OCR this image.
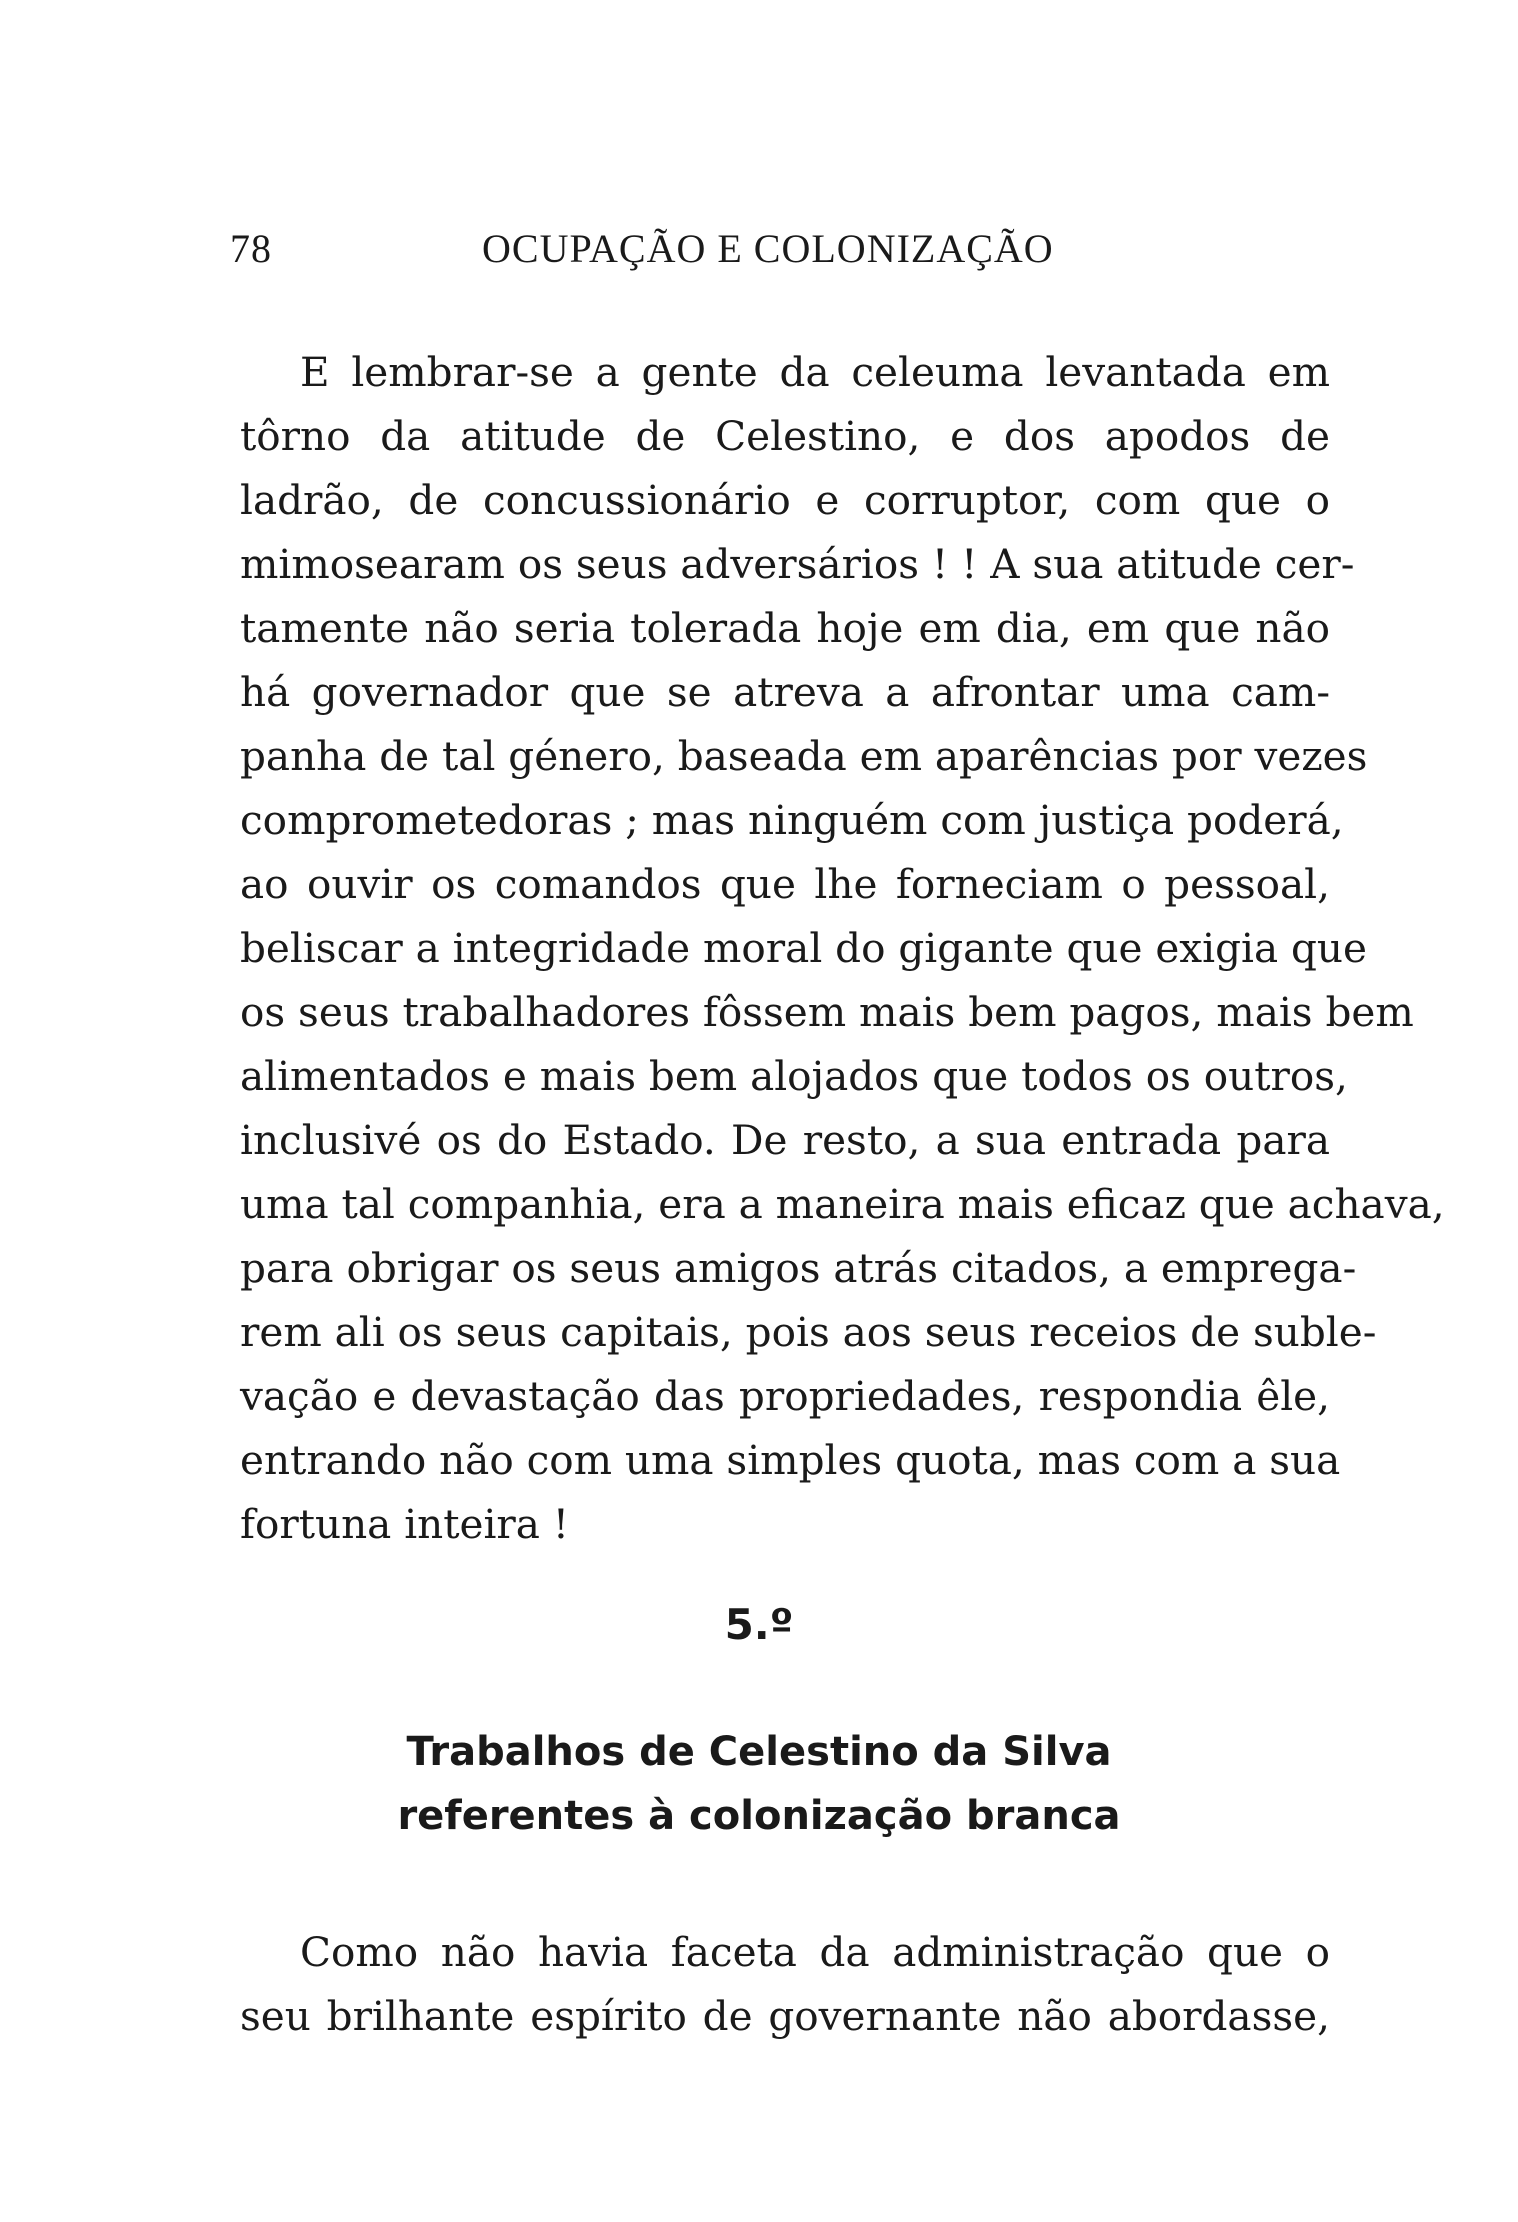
78	OCUPAÇÃO E COLONIZAÇÃO
E lembrar-se a gente da celeuma levantada em
tôrno da atitude de Celestino, e dos apodos de
ladrão, de concussionário e corruptor, com que o
mimosearam os seus adversários ! ! A sua atitude cer-
tamente não seria tolerada hoje em dia, em que não
há governador que se atreva a afrontar uma cam-
panha de tal género, baseada em aparências por vezes
comprometedoras ; mas ninguém com justiça poderá,
ao ouvir os comandos que lhe forneciam o pessoal,
beliscar a integridade moral do gigante que exigia que
os seus trabalhadores fôssem mais bem pagos, mais bem
alimentados e mais bem alojados que todos os outros,
inclusivé os do Estado. De resto, a sua entrada para
uma tal companhia, era a maneira mais eficaz que achava,
para obrigar os seus amigos atrás citados, a emprega-
rem ali os seus capitais, pois aos seus receios de suble-
vação e devastação das propriedades, respondia êle,
entrando não com uma simples quota, mas com a sua
fortuna inteira !
5.º
Trabalhos de Celestino da Silva
referentes à colonização branca
Como não havia faceta da administração que o
seu brilhante espírito de governante não abordasse,
